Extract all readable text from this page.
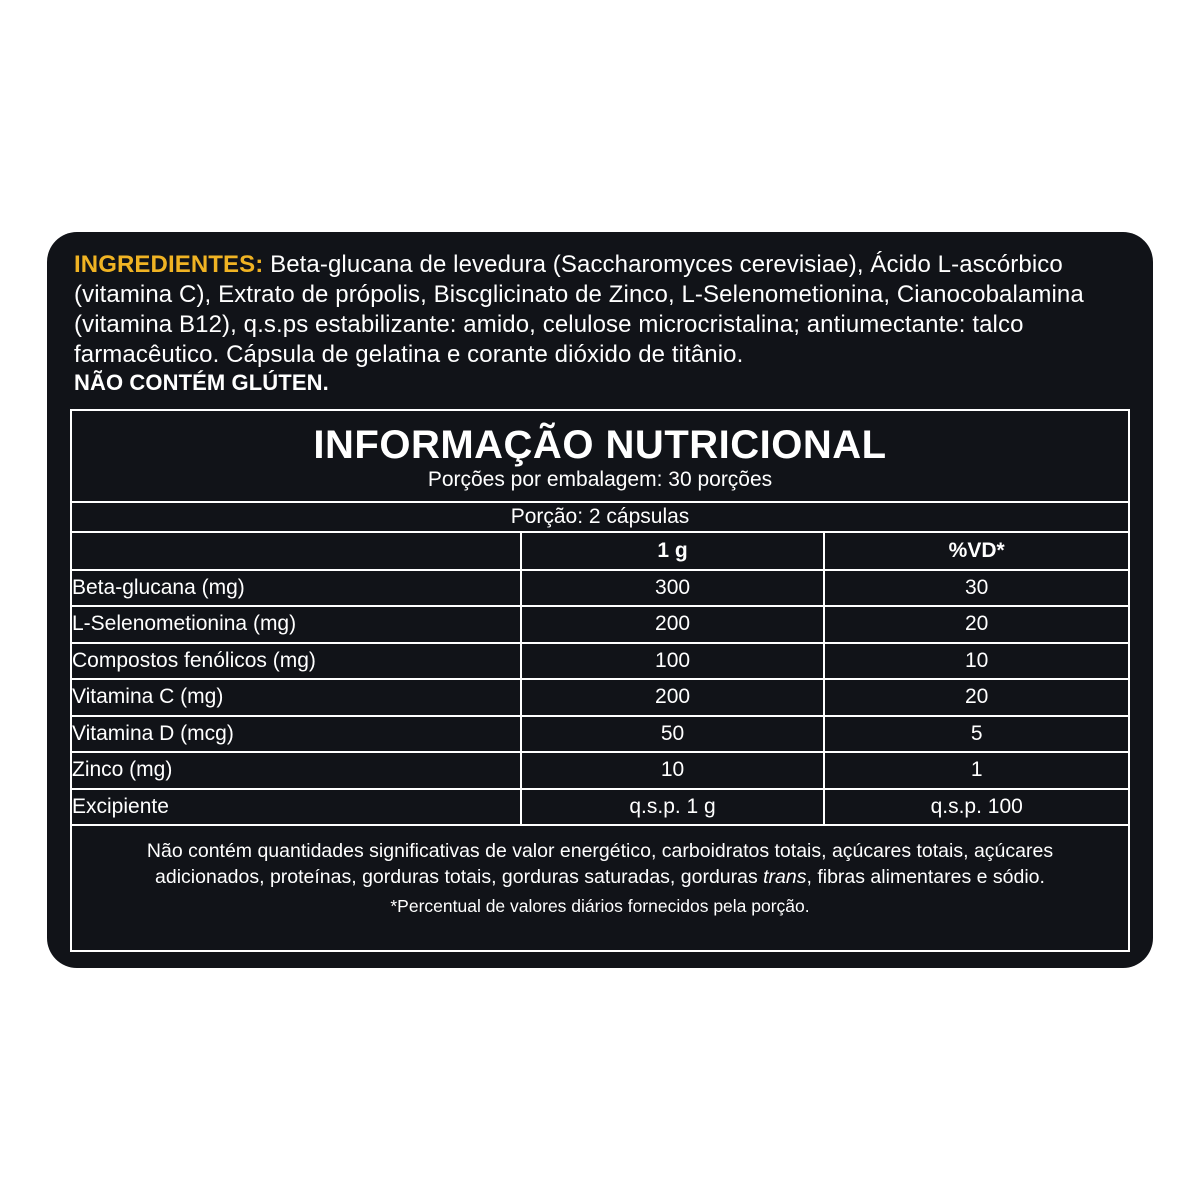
INGREDIENTES: Beta-glucana de levedura (Saccharomyces cerevisiae), Ácido L-ascórbico (vitamina C), Extrato de própolis, Biscglicinato de Zinco, L-Selenometionina, Cianocobalamina (vitamina B12), q.s.ps estabilizante: amido, celulose microcristalina; antiumectante: talco farmacêutico. Cápsula de gelatina e corante dióxido de titânio.
NÃO CONTÉM GLÚTEN.
INFORMAÇÃO NUTRICIONAL
Porções por embalagem: 30 porções
Porção: 2 cápsulas
	1 g	%VD*
Beta-glucana (mg)	300	30
L-Selenometionina (mg)	200	20
Compostos fenólicos (mg)	100	10
Vitamina C (mg)	200	20
Vitamina D (mcg)	50	5
Zinco (mg)	10	1
Excipiente	q.s.p. 1 g	q.s.p. 100
Não contém quantidades significativas de valor energético, carboidratos totais, açúcares totais, açúcares adicionados, proteínas, gorduras totais, gorduras saturadas, gorduras trans, fibras alimentares e sódio.
*Percentual de valores diários fornecidos pela porção.
